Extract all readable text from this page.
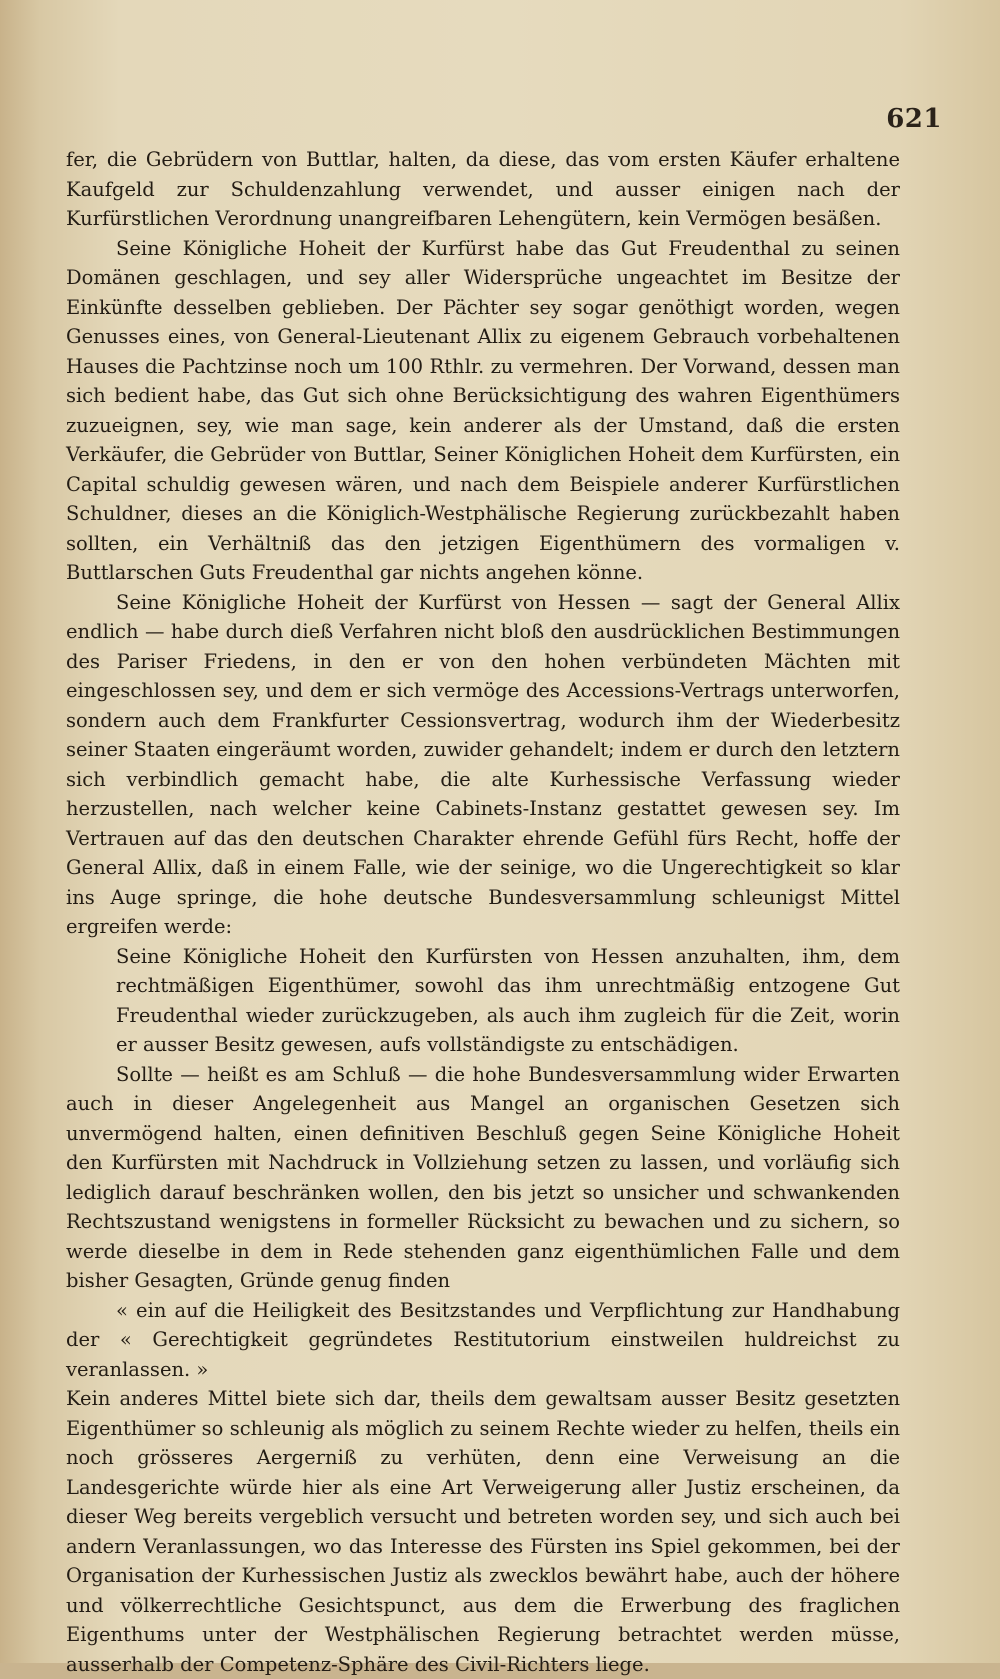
621

fer, die Gebrüdern von Buttlar, halten, da diese, das vom ersten Käufer erhaltene Kaufgeld zur Schuldenzahlung verwendet, und ausser einigen nach der Kurfürstlichen Verordnung unangreifbaren Lehengütern, kein Vermögen besäßen.

Seine Königliche Hoheit der Kurfürst habe das Gut Freudenthal zu seinen Domänen geschlagen, und sey aller Widersprüche ungeachtet im Besitze der Einkünfte desselben geblieben. Der Pächter sey sogar genöthigt worden, wegen Genusses eines, von General-Lieutenant Allix zu eigenem Gebrauch vorbehaltenen Hauses die Pachtzinse noch um 100 Rthlr. zu vermehren. Der Vorwand, dessen man sich bedient habe, das Gut sich ohne Berücksichtigung des wahren Eigenthümers zuzueignen, sey, wie man sage, kein anderer als der Umstand, daß die ersten Verkäufer, die Gebrüder von Buttlar, Seiner Königlichen Hoheit dem Kurfürsten, ein Capital schuldig gewesen wären, und nach dem Beispiele anderer Kurfürstlichen Schuldner, dieses an die Königlich-Westphälische Regierung zurückbezahlt haben sollten, ein Verhältniß das den jetzigen Eigenthümern des vormaligen v. Buttlarschen Guts Freudenthal gar nichts angehen könne.

Seine Königliche Hoheit der Kurfürst von Hessen — sagt der General Allix endlich — habe durch dieß Verfahren nicht bloß den ausdrücklichen Bestimmungen des Pariser Friedens, in den er von den hohen verbündeten Mächten mit eingeschlossen sey, und dem er sich vermöge des Accessions-Vertrags unterworfen, sondern auch dem Frankfurter Cessionsvertrag, wodurch ihm der Wiederbesitz seiner Staaten eingeräumt worden, zuwider gehandelt; indem er durch den letztern sich verbindlich gemacht habe, die alte Kurhessische Verfassung wieder herzustellen, nach welcher keine Cabinets-Instanz gestattet gewesen sey. Im Vertrauen auf das den deutschen Charakter ehrende Gefühl fürs Recht, hoffe der General Allix, daß in einem Falle, wie der seinige, wo die Ungerechtigkeit so klar ins Auge springe, die hohe deutsche Bundesversammlung schleunigst Mittel ergreifen werde:

Seine Königliche Hoheit den Kurfürsten von Hessen anzuhalten, ihm, dem rechtmäßigen Eigenthümer, sowohl das ihm unrechtmäßig entzogene Gut Freudenthal wieder zurückzugeben, als auch ihm zugleich für die Zeit, worin er ausser Besitz gewesen, aufs vollständigste zu entschädigen.

Sollte — heißt es am Schluß — die hohe Bundesversammlung wider Erwarten auch in dieser Angelegenheit aus Mangel an organischen Gesetzen sich unvermögend halten, einen definitiven Beschluß gegen Seine Königliche Hoheit den Kurfürsten mit Nachdruck in Vollziehung setzen zu lassen, und vorläufig sich lediglich darauf beschränken wollen, den bis jetzt so unsicher und schwankenden Rechtszustand wenigstens in formeller Rücksicht zu bewachen und zu sichern, so werde dieselbe in dem in Rede stehenden ganz eigenthümlichen Falle und dem bisher Gesagten, Gründe genug finden

« ein auf die Heiligkeit des Besitzstandes und Verpflichtung zur Handhabung der « Gerechtigkeit gegründetes Restitutorium einstweilen huldreichst zu veranlassen. »

Kein anderes Mittel biete sich dar, theils dem gewaltsam ausser Besitz gesetzten Eigenthümer so schleunig als möglich zu seinem Rechte wieder zu helfen, theils ein noch grösseres Aergerniß zu verhüten, denn eine Verweisung an die Landesgerichte würde hier als eine Art Verweigerung aller Justiz erscheinen, da dieser Weg bereits vergeblich versucht und betreten worden sey, und sich auch bei andern Veranlassungen, wo das Interesse des Fürsten ins Spiel gekommen, bei der Organisation der Kurhessischen Justiz als zwecklos bewährt habe, auch der höhere und völkerrechtliche Gesichtspunct, aus dem die Erwerbung des fraglichen Eigenthums unter der Westphälischen Regierung betrachtet werden müsse, ausserhalb der Competenz-Sphäre des Civil-Richters liege.
